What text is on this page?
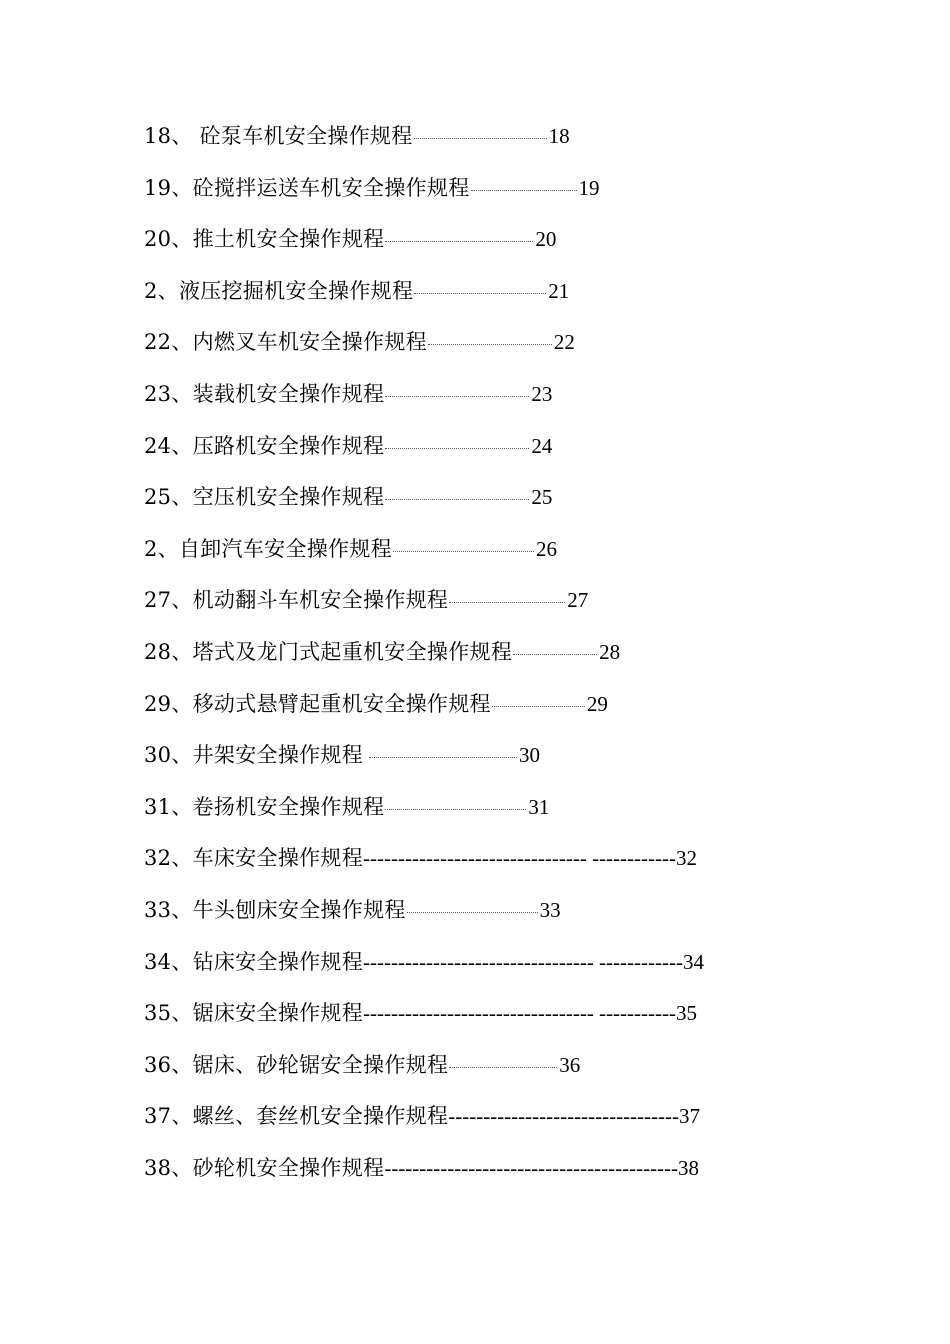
18、 砼泵车机安全操作规程	18
19、砼搅拌运送车机安全操作规程	19
20、推土机安全操作规程	20
2、液压挖掘机安全操作规程	21
22、内燃叉车机安全操作规程	22
23、装载机安全操作规程	23
24、压路机安全操作规程	24
25、空压机安全操作规程	25
2、自卸汽车安全操作规程	26
27、机动翻斗车机安全操作规程	27
28、塔式及龙门式起重机安全操作规程	28
29、移动式悬臂起重机安全操作规程	29
30、井架安全操作规程	30
31、卷扬机安全操作规程	31
32、车床安全操作规程 -------------------------------- ------------ 32
33、牛头刨床安全操作规程	33
34、钻床安全操作规程 --------------------------------- ------------ 34
35、锯床安全操作规程 --------------------------------- ----------- 35
36、锯床、砂轮锯安全操作规程	36
37、螺丝、套丝机安全操作规程 --------------------------------- 37
38、砂轮机安全操作规程 ------------------------------------------ 38
